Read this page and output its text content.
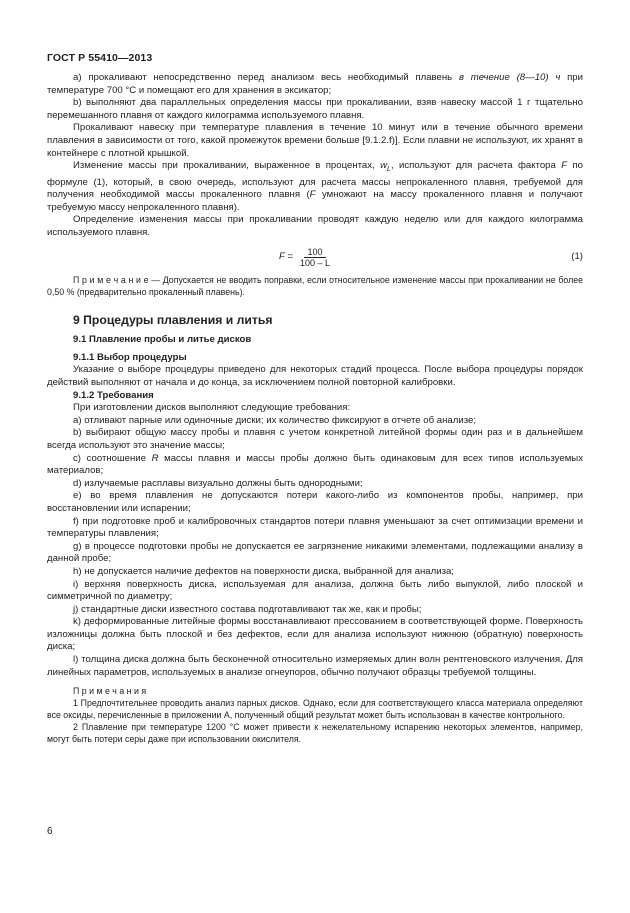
ГОСТ Р 55410—2013

a) прокаливают непосредственно перед анализом весь необходимый плавень в течение (8—10) ч при температуре 700 °С и помещают его для хранения в эксикатор;

b) выполняют два параллельных определения массы при прокаливании, взяв навеску массой 1 г тщательно перемешанного плавня от каждого килограмма используемого плавня.

Прокаливают навеску при температуре плавления в течение 10 минут или в течение обычного времени плавления в зависимости от того, какой промежуток времени больше [9.1.2.f)]. Если плавни не используют, их хранят в контейнере с плотной крышкой.

Изменение массы при прокаливании, выраженное в процентах, $w_L$, используют для расчета фактора F по формуле (1), который, в свою очередь, используют для расчета массы непрокаленного плавня, требуемой для получения необходимой массы прокаленного плавня (F умножают на массу прокаленного плавня и получают требуемую массу непрокаленного плавня).

Определение изменения массы при прокаливании проводят каждую неделю или для каждого килограмма используемого плавня.

$F = \frac{100}{100 - L}$	(1)

П р и м е ч а н и е — Допускается не вводить поправки, если относительное изменение массы при прокаливании не более 0,50 % (предварительно прокаленный плавень).

9 Процедуры плавления и литья

9.1 Плавление пробы и литье дисков

9.1.1 Выбор процедуры

Указание о выборе процедуры приведено для некоторых стадий процесса. После выбора процедуры порядок действий выполняют от начала и до конца, за исключением полной повторной калибровки.

9.1.2 Требования

При изготовлении дисков выполняют следующие требования:

a) отливают парные или одиночные диски; их количество фиксируют в отчете об анализе;

b) выбирают общую массу пробы и плавня с учетом конкретной литейной формы один раз и в дальнейшем всегда используют это значение массы;

c) соотношение R массы плавня и массы пробы должно быть одинаковым для всех типов используемых материалов;

d) излучаемые расплавы визуально должны быть однородными;

e) во время плавления не допускаются потери какого-либо из компонентов пробы, например, при восстановлении или испарении;

f) при подготовке проб и калибровочных стандартов потери плавня уменьшают за счет оптимизации времени и температуры плавления;

g) в процессе подготовки пробы не допускается ее загрязнение никакими элементами, подлежащими анализу в данной пробе;

h) не допускается наличие дефектов на поверхности диска, выбранной для анализа;

i) верхняя поверхность диска, используемая для анализа, должна быть либо выпуклой, либо плоской и симметричной по диаметру;

j) стандартные диски известного состава подготавливают так же, как и пробы;

k) деформированные литейные формы восстанавливают прессованием в соответствующей форме. Поверхность изложницы должна быть плоской и без дефектов, если для анализа используют нижнюю (обратную) поверхность диска;

l) толщина диска должна быть бесконечной относительно измеряемых длин волн рентгеновского излучения. Для линейных параметров, используемых в анализе огнеупоров, обычно получают образцы требуемой толщины.

П р и м е ч а н и я

1 Предпочтительнее проводить анализ парных дисков. Однако, если для соответствующего класса материала определяют все оксиды, перечисленные в приложении А, полученный общий результат может быть использован в качестве контрольного.

2 Плавление при температуре 1200 °С может привести к нежелательному испарению некоторых элементов, например, могут быть потери серы даже при использовании окислителя.

6
